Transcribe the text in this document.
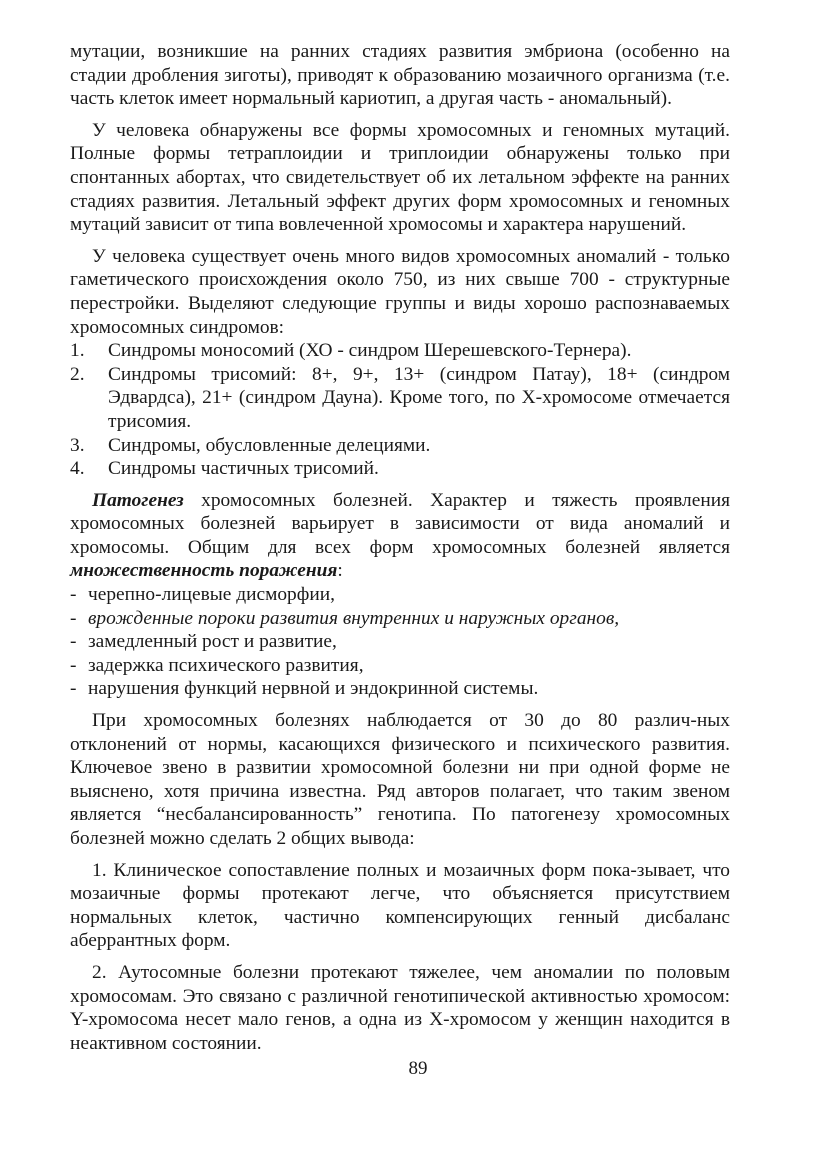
мутации, возникшие на ранних стадиях развития эмбриона (особенно на стадии дробления зиготы), приводят к образованию мозаичного организма (т.е. часть клеток имеет нормальный кариотип, а другая часть - аномальный).

У человека обнаружены все формы хромосомных и геномных мутаций. Полные формы тетраплоидии и триплоидии обнаружены только при спонтанных абортах, что свидетельствует об их летальном эффекте на ранних стадиях развития. Летальный эффект других форм хромосомных и геномных мутаций зависит от типа вовлеченной хромосомы и характера нарушений.

У человека существует очень много видов хромосомных аномалий - только гаметического происхождения около 750, из них свыше 700 - структурные перестройки. Выделяют следующие группы и виды хорошо распознаваемых хромосомных синдромов:

1.	Синдромы моносомий (ХО - синдром Шерешевского-Тернера).
2.	Синдромы трисомий: 8+, 9+, 13+ (синдром Патау), 18+ (синдром Эдвардса), 21+ (синдром Дауна). Кроме того, по Х-хромосоме отмечается трисомия.
3.	Синдромы, обусловленные делециями.
4.	Синдромы частичных трисомий.

Патогенез хромосомных болезней. Характер и тяжесть проявления хромосомных болезней варьирует в зависимости от вида аномалий и хромосомы. Общим для всех форм хромосомных болезней является множественность поражения:

- черепно-лицевые дисморфии,
- врожденные пороки развития внутренних и наружных органов,
- замедленный рост и развитие,
- задержка психического развития,
- нарушения функций нервной и эндокринной системы.

При хромосомных болезнях наблюдается от 30 до 80 различ-ных отклонений от нормы, касающихся физического и психического развития. Ключевое звено в развитии хромосомной болезни ни при одной форме не выяснено, хотя причина известна. Ряд авторов полагает, что таким звеном является “несбалансированность” генотипа. По патогенезу хромосомных болезней можно сделать 2 общих вывода:

1. Клиническое сопоставление полных и мозаичных форм пока-зывает, что мозаичные формы протекают легче, что объясняется присутствием нормальных клеток, частично компенсирующих генный дисбаланс аберрантных форм.

2. Аутосомные болезни протекают тяжелее, чем аномалии по половым хромосомам. Это связано с различной генотипической активностью хромосом: Y-хромосома несет мало генов, а одна из Х-хромосом у женщин находится в неактивном состоянии.

89
